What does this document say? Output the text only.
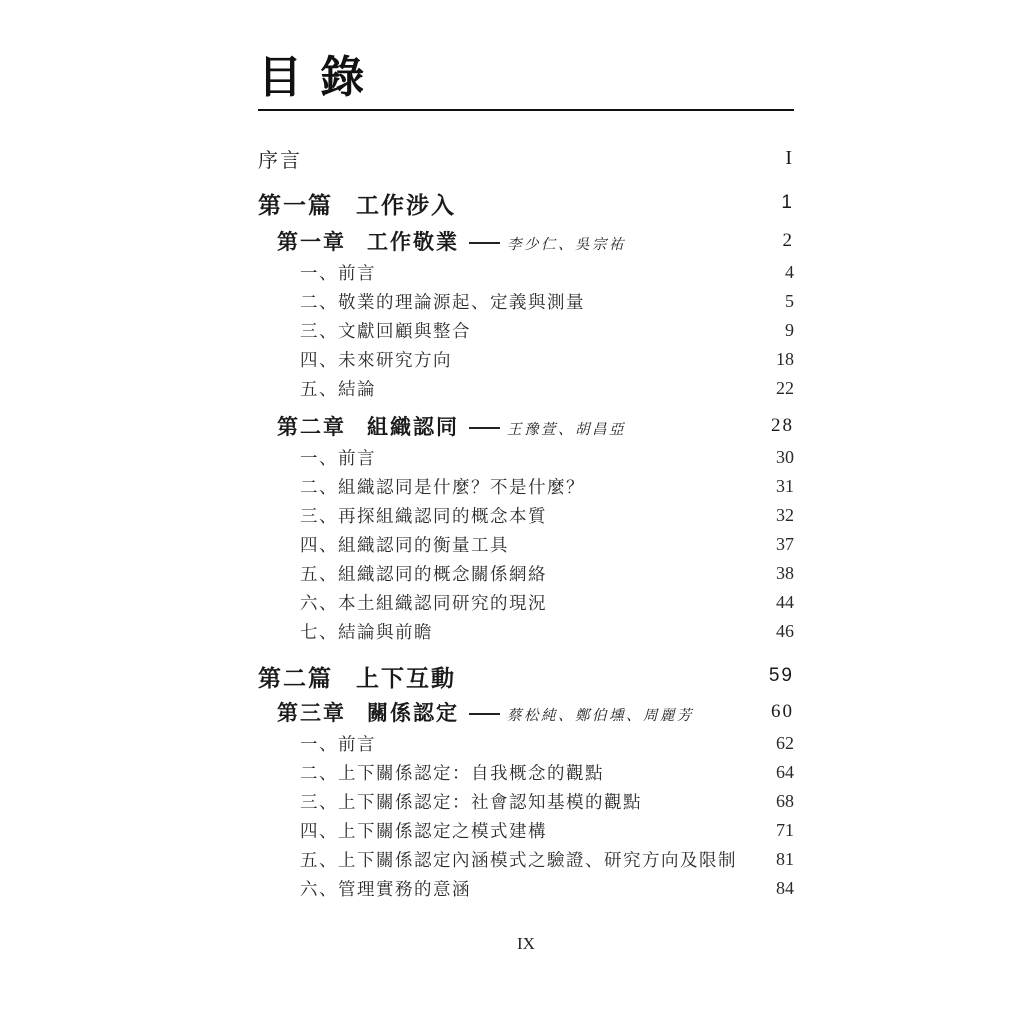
目 錄
序言	I
第一篇 工作涉入	1
第一章 工作敬業	李少仁、吳宗祐	2
一、前言	4
二、敬業的理論源起、定義與測量	5
三、文獻回顧與整合	9
四、未來研究方向	18
五、結論	22
第二章 組織認同	王豫萱、胡昌亞	28
一、前言	30
二、組織認同是什麼？不是什麼？	31
三、再探組織認同的概念本質	32
四、組織認同的衡量工具	37
五、組織認同的概念關係網絡	38
六、本土組織認同研究的現況	44
七、結論與前瞻	46
第二篇 上下互動	59
第三章 關係認定	蔡松純、鄭伯壎、周麗芳	60
一、前言	62
二、上下關係認定：自我概念的觀點	64
三、上下關係認定：社會認知基模的觀點	68
四、上下關係認定之模式建構	71
五、上下關係認定內涵模式之驗證、研究方向及限制 81
六、管理實務的意涵	84
IX
